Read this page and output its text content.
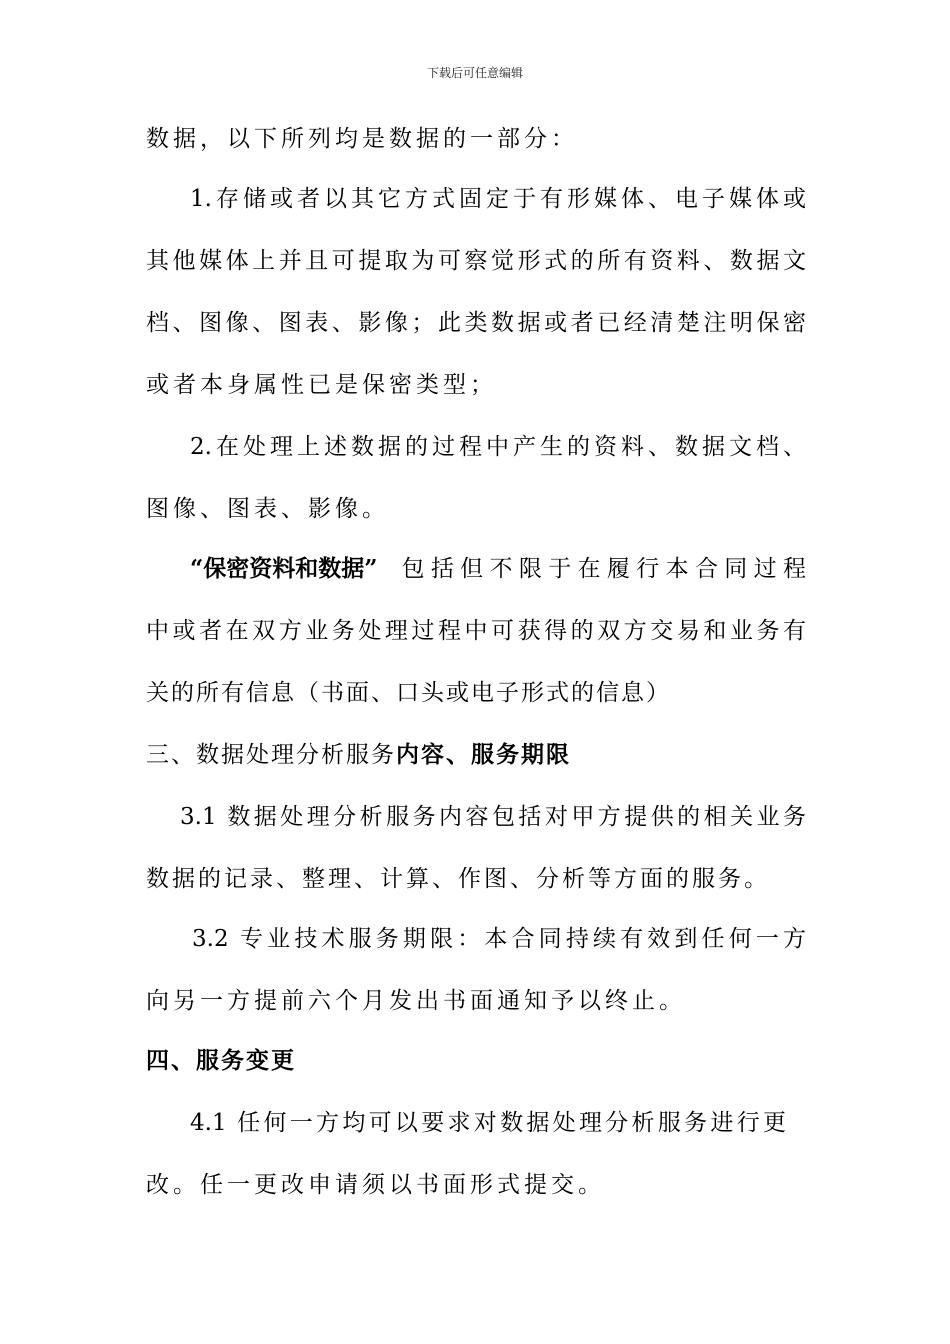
下载后可任意编辑
数据，以下所列均是数据的一部分：
1.存储或者以其它方式固定于有形媒体、电子媒体或
其他媒体上并且可提取为可察觉形式的所有资料、数据文
档、图像、图表、影像；此类数据或者已经清楚注明保密
或者本身属性已是保密类型；
2.在处理上述数据的过程中产生的资料、数据文档、
图像、图表、影像。
“保密资料和数据” 包括但不限于在履行本合同过程
中或者在双方业务处理过程中可获得的双方交易和业务有
关的所有信息（书面、口头或电子形式的信息）
三、数据处理分析服务内容、服务期限
3.1 数据处理分析服务内容包括对甲方提供的相关业务
数据的记录、整理、计算、作图、分析等方面的服务。
3.2 专业技术服务期限：本合同持续有效到任何一方
向另一方提前六个月发出书面通知予以终止。
四、服务变更
4.1 任何一方均可以要求对数据处理分析服务进行更
改。任一更改申请须以书面形式提交。
